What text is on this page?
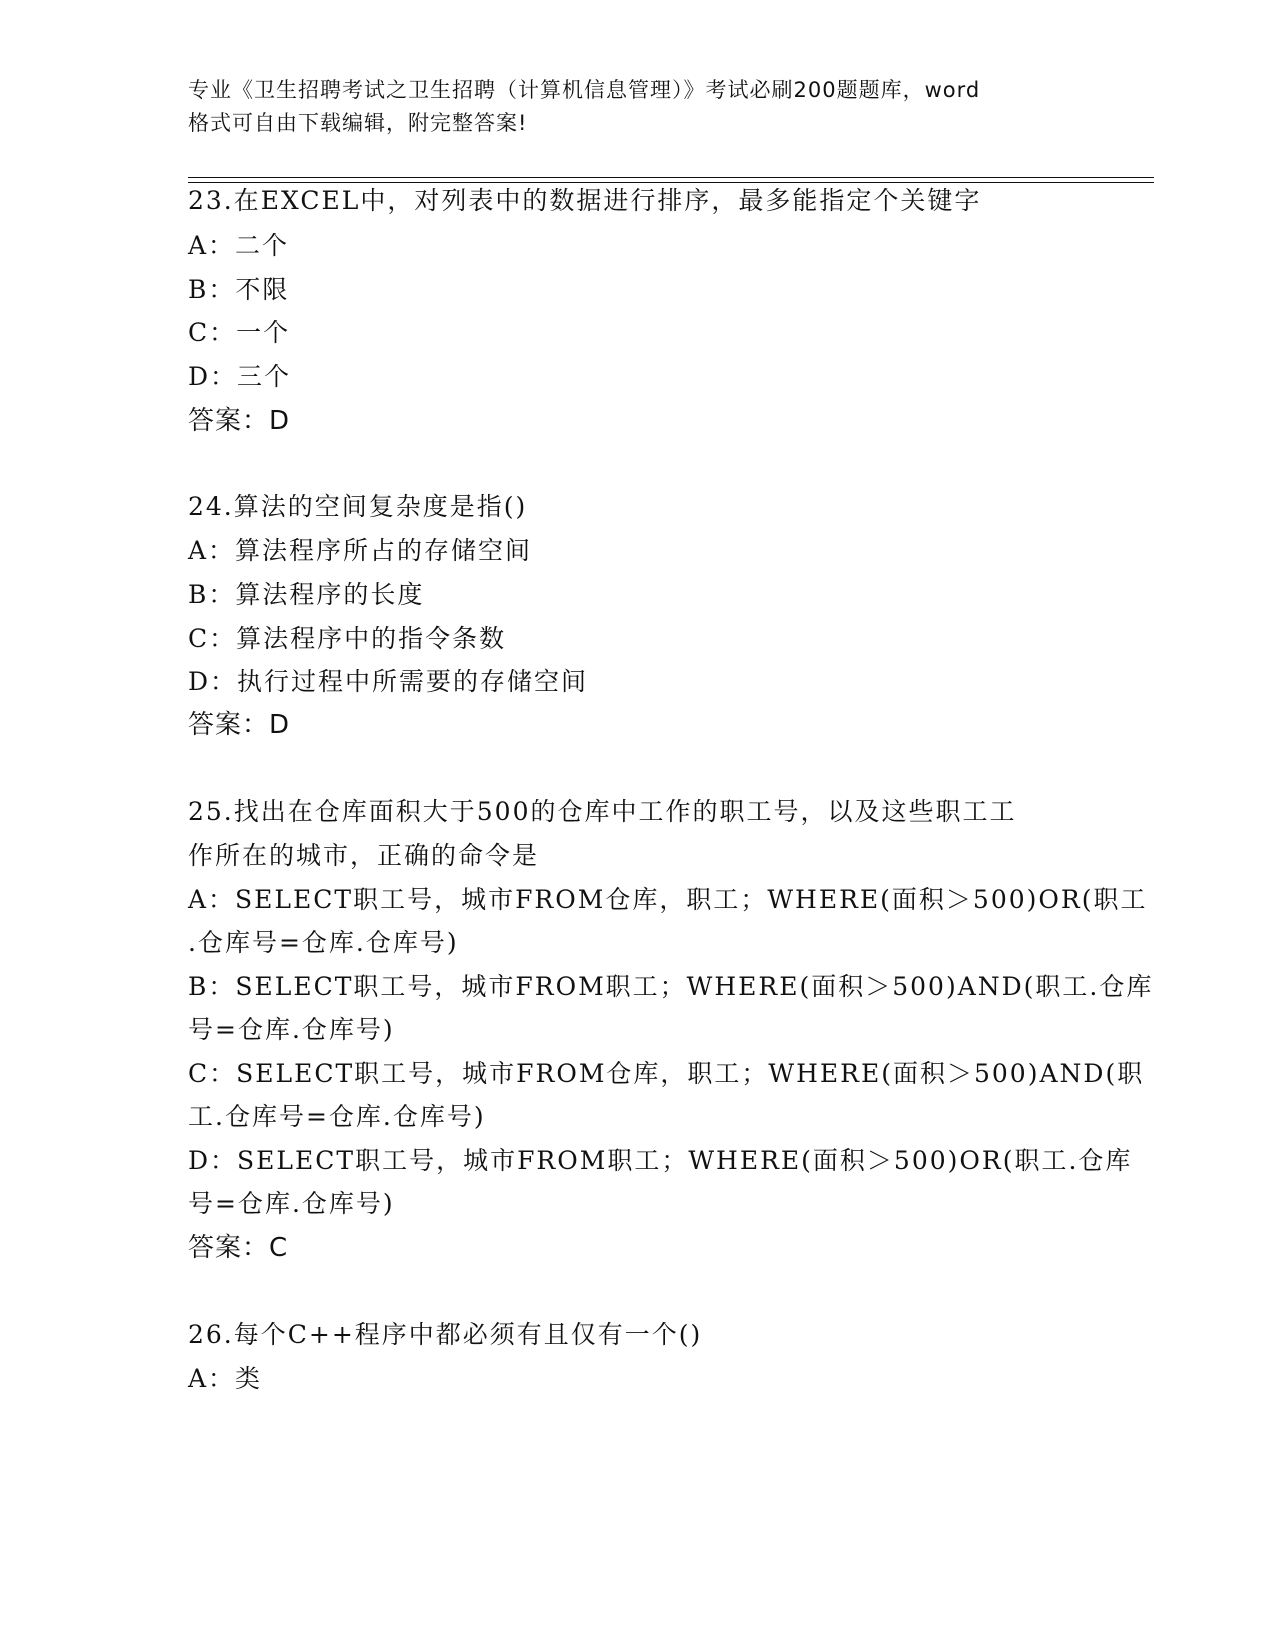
专业《卫生招聘考试之卫生招聘（计算机信息管理）》考试必刷200题题库，word
格式可自由下载编辑，附完整答案!
23.在EXCEL中，对列表中的数据进行排序，最多能指定个关键字
A：二个
B：不限
C：一个
D：三个
答案：D
24.算法的空间复杂度是指()
A：算法程序所占的存储空间
B：算法程序的长度
C：算法程序中的指令条数
D：执行过程中所需要的存储空间
答案：D
25.找出在仓库面积大于500的仓库中工作的职工号，以及这些职工工
作所在的城市，正确的命令是
A：SELECT职工号，城市FROM仓库，职工；WHERE(面积＞500)OR(职工
.仓库号=仓库.仓库号)
B：SELECT职工号，城市FROM职工；WHERE(面积＞500)AND(职工.仓库
号=仓库.仓库号)
C：SELECT职工号，城市FROM仓库，职工；WHERE(面积＞500)AND(职
工.仓库号=仓库.仓库号)
D：SELECT职工号，城市FROM职工；WHERE(面积＞500)OR(职工.仓库
号=仓库.仓库号)
答案：C
26.每个C++程序中都必须有且仅有一个()
A：类
